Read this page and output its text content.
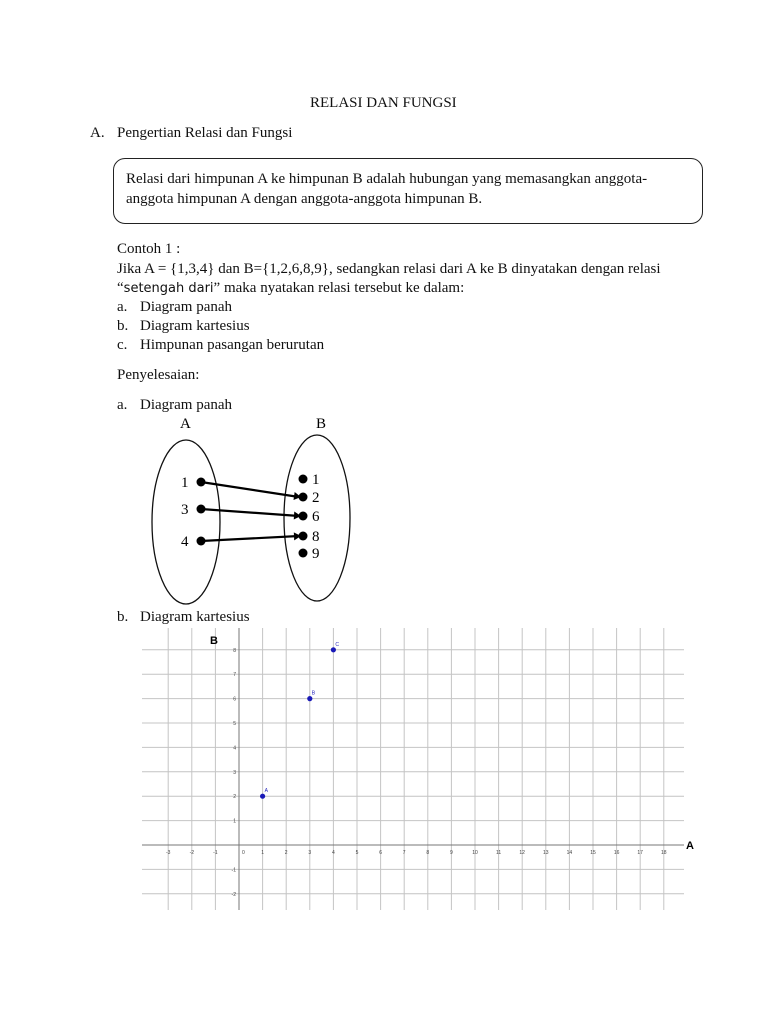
RELASI DAN FUNGSI
A. Pengertian Relasi dan Fungsi
Relasi dari himpunan A ke himpunan B adalah hubungan yang memasangkan anggota-
anggota himpunan A dengan anggota-anggota himpunan B.
Contoh 1 :
Jika A = {1,3,4} dan B={1,2,6,8,9}, sedangkan relasi dari A ke B dinyatakan dengan relasi
“setengah dari” maka nyatakan relasi tersebut ke dalam:
a. Diagram panah
b. Diagram kartesius
c. Himpunan pasangan berurutan
Penyelesaian:
a. Diagram panah
A	B
1
3
4
1
2
6
8
9
b. Diagram kartesius
-3	-2	-1	0	1	2	3	4	5	6	7	8	9	10	11	12	13	14	15	16	17	18
-2
-1
1
2
3
4
5
6
7
8
A
B
C
B
A
